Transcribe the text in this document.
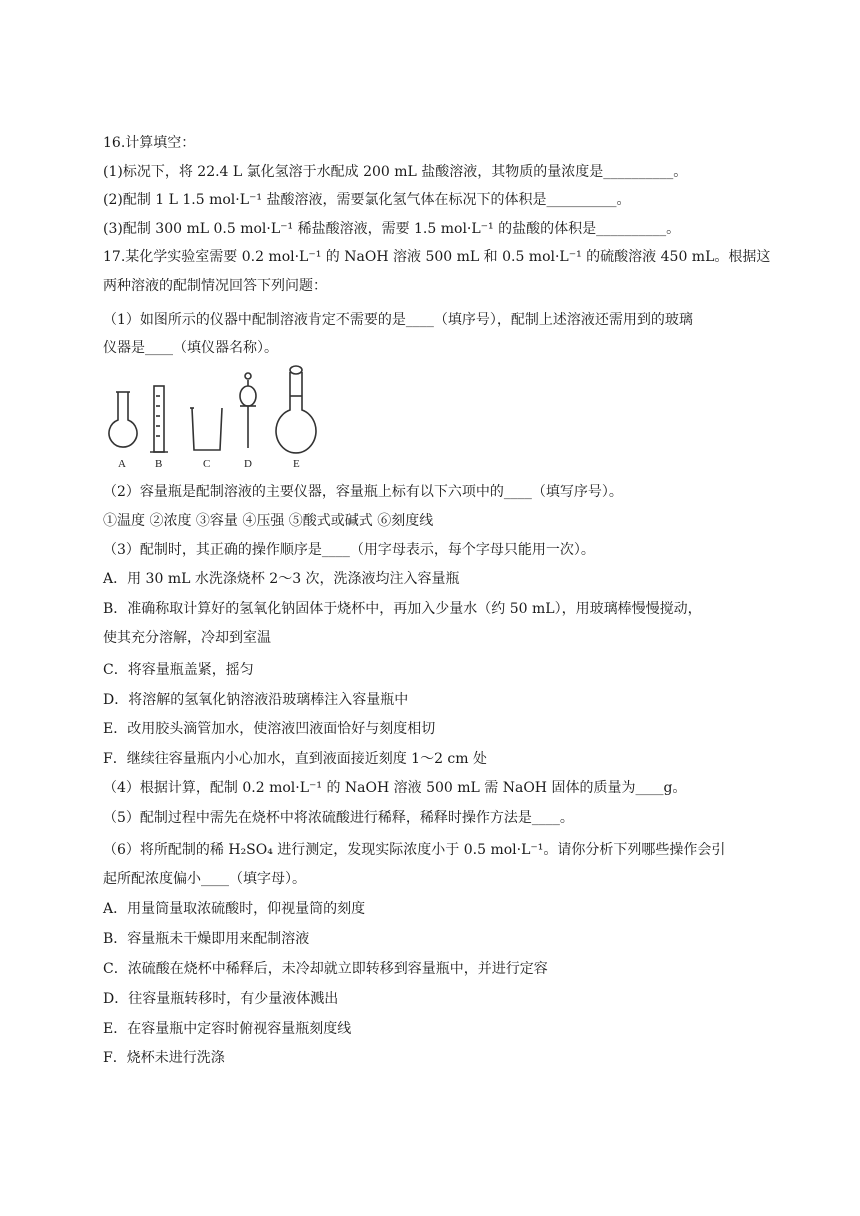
16.计算填空：
(1)标况下，将 22.4 L 氯化氢溶于水配成 200 mL 盐酸溶液，其物质的量浓度是__________。
(2)配制 1 L 1.5 mol·L⁻¹ 盐酸溶液，需要氯化氢气体在标况下的体积是__________。
(3)配制 300 mL 0.5 mol·L⁻¹ 稀盐酸溶液，需要 1.5 mol·L⁻¹ 的盐酸的体积是__________。
17.某化学实验室需要 0.2 mol·L⁻¹ 的 NaOH 溶液 500 mL 和 0.5 mol·L⁻¹ 的硫酸溶液 450 mL。根据这
两种溶液的配制情况回答下列问题：
（1）如图所示的仪器中配制溶液肯定不需要的是____（填序号），配制上述溶液还需用到的玻璃
仪器是____（填仪器名称）。
A	B	C	D	E
（2）容量瓶是配制溶液的主要仪器，容量瓶上标有以下六项中的____（填写序号）。
①温度 ②浓度 ③容量 ④压强 ⑤酸式或碱式 ⑥刻度线
（3）配制时，其正确的操作顺序是____（用字母表示，每个字母只能用一次）。
A．用 30 mL 水洗涤烧杯 2～3 次，洗涤液均注入容量瓶
B．准确称取计算好的氢氧化钠固体于烧杯中，再加入少量水（约 50 mL），用玻璃棒慢慢搅动，
使其充分溶解，冷却到室温
C．将容量瓶盖紧，摇匀
D．将溶解的氢氧化钠溶液沿玻璃棒注入容量瓶中
E．改用胶头滴管加水，使溶液凹液面恰好与刻度相切
F．继续往容量瓶内小心加水，直到液面接近刻度 1～2 cm 处
（4）根据计算，配制 0.2 mol·L⁻¹ 的 NaOH 溶液 500 mL 需 NaOH 固体的质量为____g。
（5）配制过程中需先在烧杯中将浓硫酸进行稀释，稀释时操作方法是____。
（6）将所配制的稀 H₂SO₄ 进行测定，发现实际浓度小于 0.5 mol·L⁻¹。请你分析下列哪些操作会引
起所配浓度偏小____（填字母）。
A．用量筒量取浓硫酸时，仰视量筒的刻度
B．容量瓶未干燥即用来配制溶液
C．浓硫酸在烧杯中稀释后，未冷却就立即转移到容量瓶中，并进行定容
D．往容量瓶转移时，有少量液体溅出
E．在容量瓶中定容时俯视容量瓶刻度线
F．烧杯未进行洗涤
